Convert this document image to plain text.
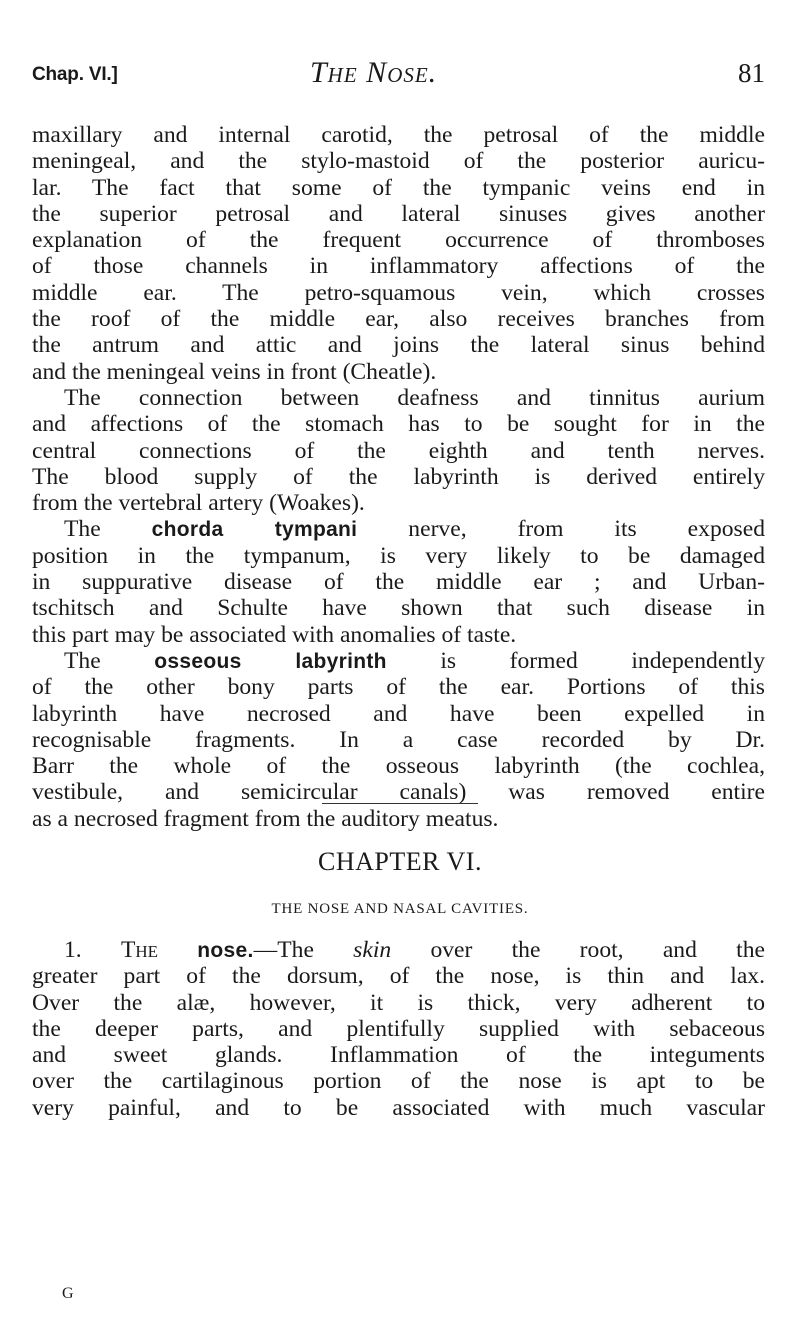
Chap. VI.]	The Nose.	81
maxillary and internal carotid, the petrosal of the middle
meningeal, and the stylo-mastoid of the posterior auricu-
lar. The fact that some of the tympanic veins end in
the superior petrosal and lateral sinuses gives another
explanation of the frequent occurrence of thromboses
of those channels in inflammatory affections of the
middle ear. The petro-squamous vein, which crosses
the roof of the middle ear, also receives branches from
the antrum and attic and joins the lateral sinus behind
and the meningeal veins in front (Cheatle).
The connection between deafness and tinnitus aurium
and affections of the stomach has to be sought for in the
central connections of the eighth and tenth nerves.
The blood supply of the labyrinth is derived entirely
from the vertebral artery (Woakes).
The chorda tympani nerve, from its exposed
position in the tympanum, is very likely to be damaged
in suppurative disease of the middle ear ; and Urban-
tschitsch and Schulte have shown that such disease in
this part may be associated with anomalies of taste.
The	osseous labyrinth is formed independently
of the other bony parts of the ear. Portions of this
labyrinth have necrosed and have been expelled in
recognisable fragments. In a case recorded by Dr.
Barr the whole of the osseous labyrinth (the cochlea,
vestibule, and semicircular canals) was removed entire
as a necrosed fragment from the auditory meatus.
CHAPTER VI.
THE NOSE AND NASAL CAVITIES.
1. The nose.—The skin over the root, and the
greater part of the dorsum, of the nose, is thin and lax.
Over the alæ, however, it is thick, very adherent to
the deeper parts, and plentifully supplied with sebaceous
and sweet glands. Inflammation of the integuments
over the cartilaginous portion of the nose is apt to be
very painful, and to be associated with much vascular
G
